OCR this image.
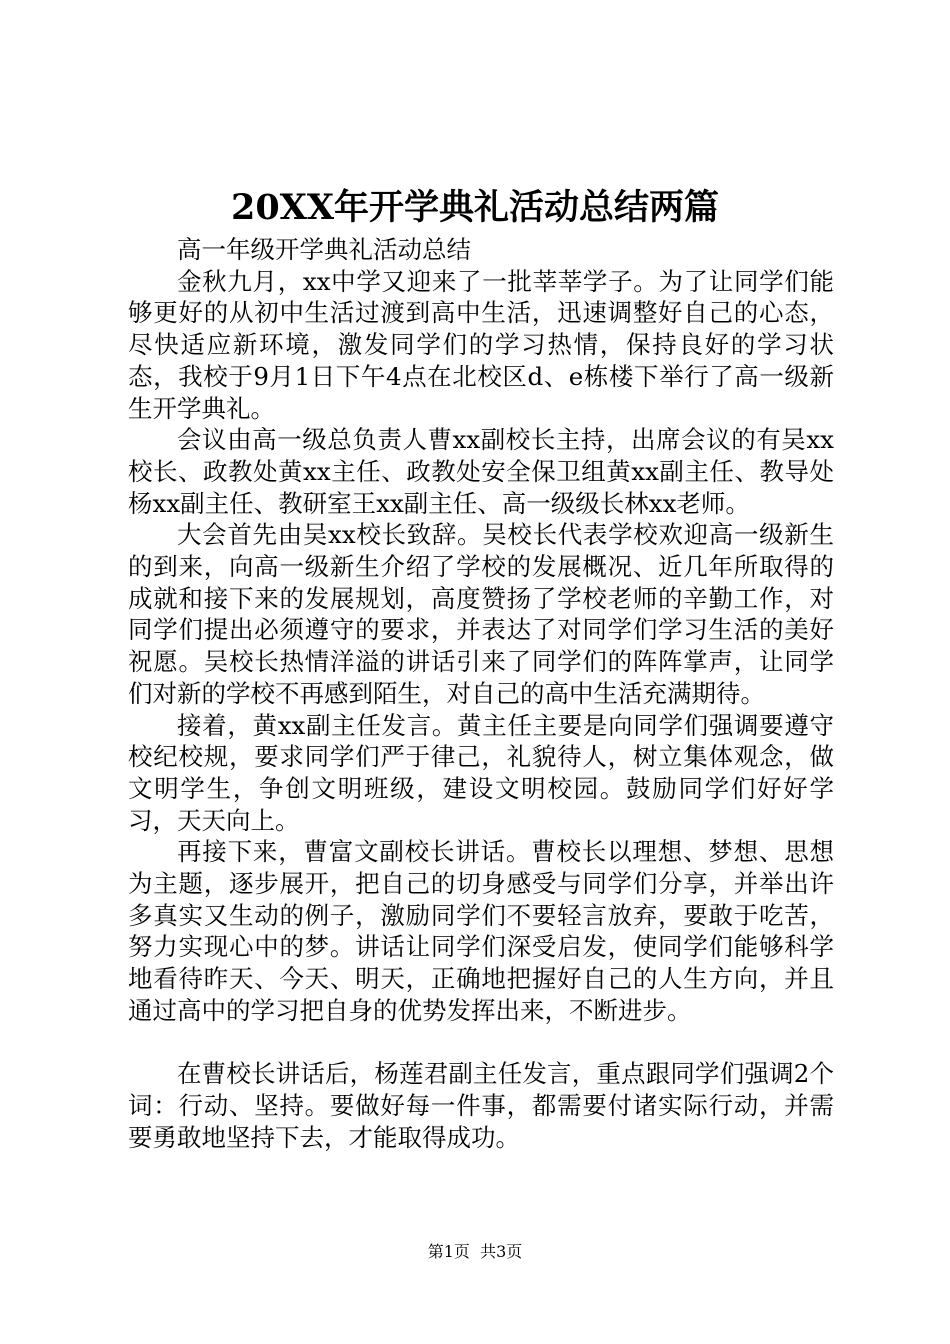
20XX年开学典礼活动总结两篇

高一年级开学典礼活动总结

金秋九月，xx中学又迎来了一批莘莘学子。为了让同学们能够更好的从初中生活过渡到高中生活，迅速调整好自己的心态，尽快适应新环境，激发同学们的学习热情，保持良好的学习状态，我校于9月1日下午4点在北校区d、e栋楼下举行了高一级新生开学典礼。

会议由高一级总负责人曹xx副校长主持，出席会议的有吴xx校长、政教处黄xx主任、政教处安全保卫组黄xx副主任、教导处杨xx副主任、教研室王xx副主任、高一级级长林xx老师。

大会首先由吴xx校长致辞。吴校长代表学校欢迎高一级新生的到来，向高一级新生介绍了学校的发展概况、近几年所取得的成就和接下来的发展规划，高度赞扬了学校老师的辛勤工作，对同学们提出必须遵守的要求，并表达了对同学们学习生活的美好祝愿。吴校长热情洋溢的讲话引来了同学们的阵阵掌声，让同学们对新的学校不再感到陌生，对自己的高中生活充满期待。

接着，黄xx副主任发言。黄主任主要是向同学们强调要遵守校纪校规，要求同学们严于律己，礼貌待人，树立集体观念，做文明学生，争创文明班级，建设文明校园。鼓励同学们好好学习，天天向上。

再接下来，曹富文副校长讲话。曹校长以理想、梦想、思想为主题，逐步展开，把自己的切身感受与同学们分享，并举出许多真实又生动的例子，激励同学们不要轻言放弃，要敢于吃苦，努力实现心中的梦。讲话让同学们深受启发，使同学们能够科学地看待昨天、今天、明天，正确地把握好自己的人生方向，并且通过高中的学习把自身的优势发挥出来，不断进步。

在曹校长讲话后，杨莲君副主任发言，重点跟同学们强调2个词：行动、坚持。要做好每一件事，都需要付诸实际行动，并需要勇敢地坚持下去，才能取得成功。

第1页  共3页
